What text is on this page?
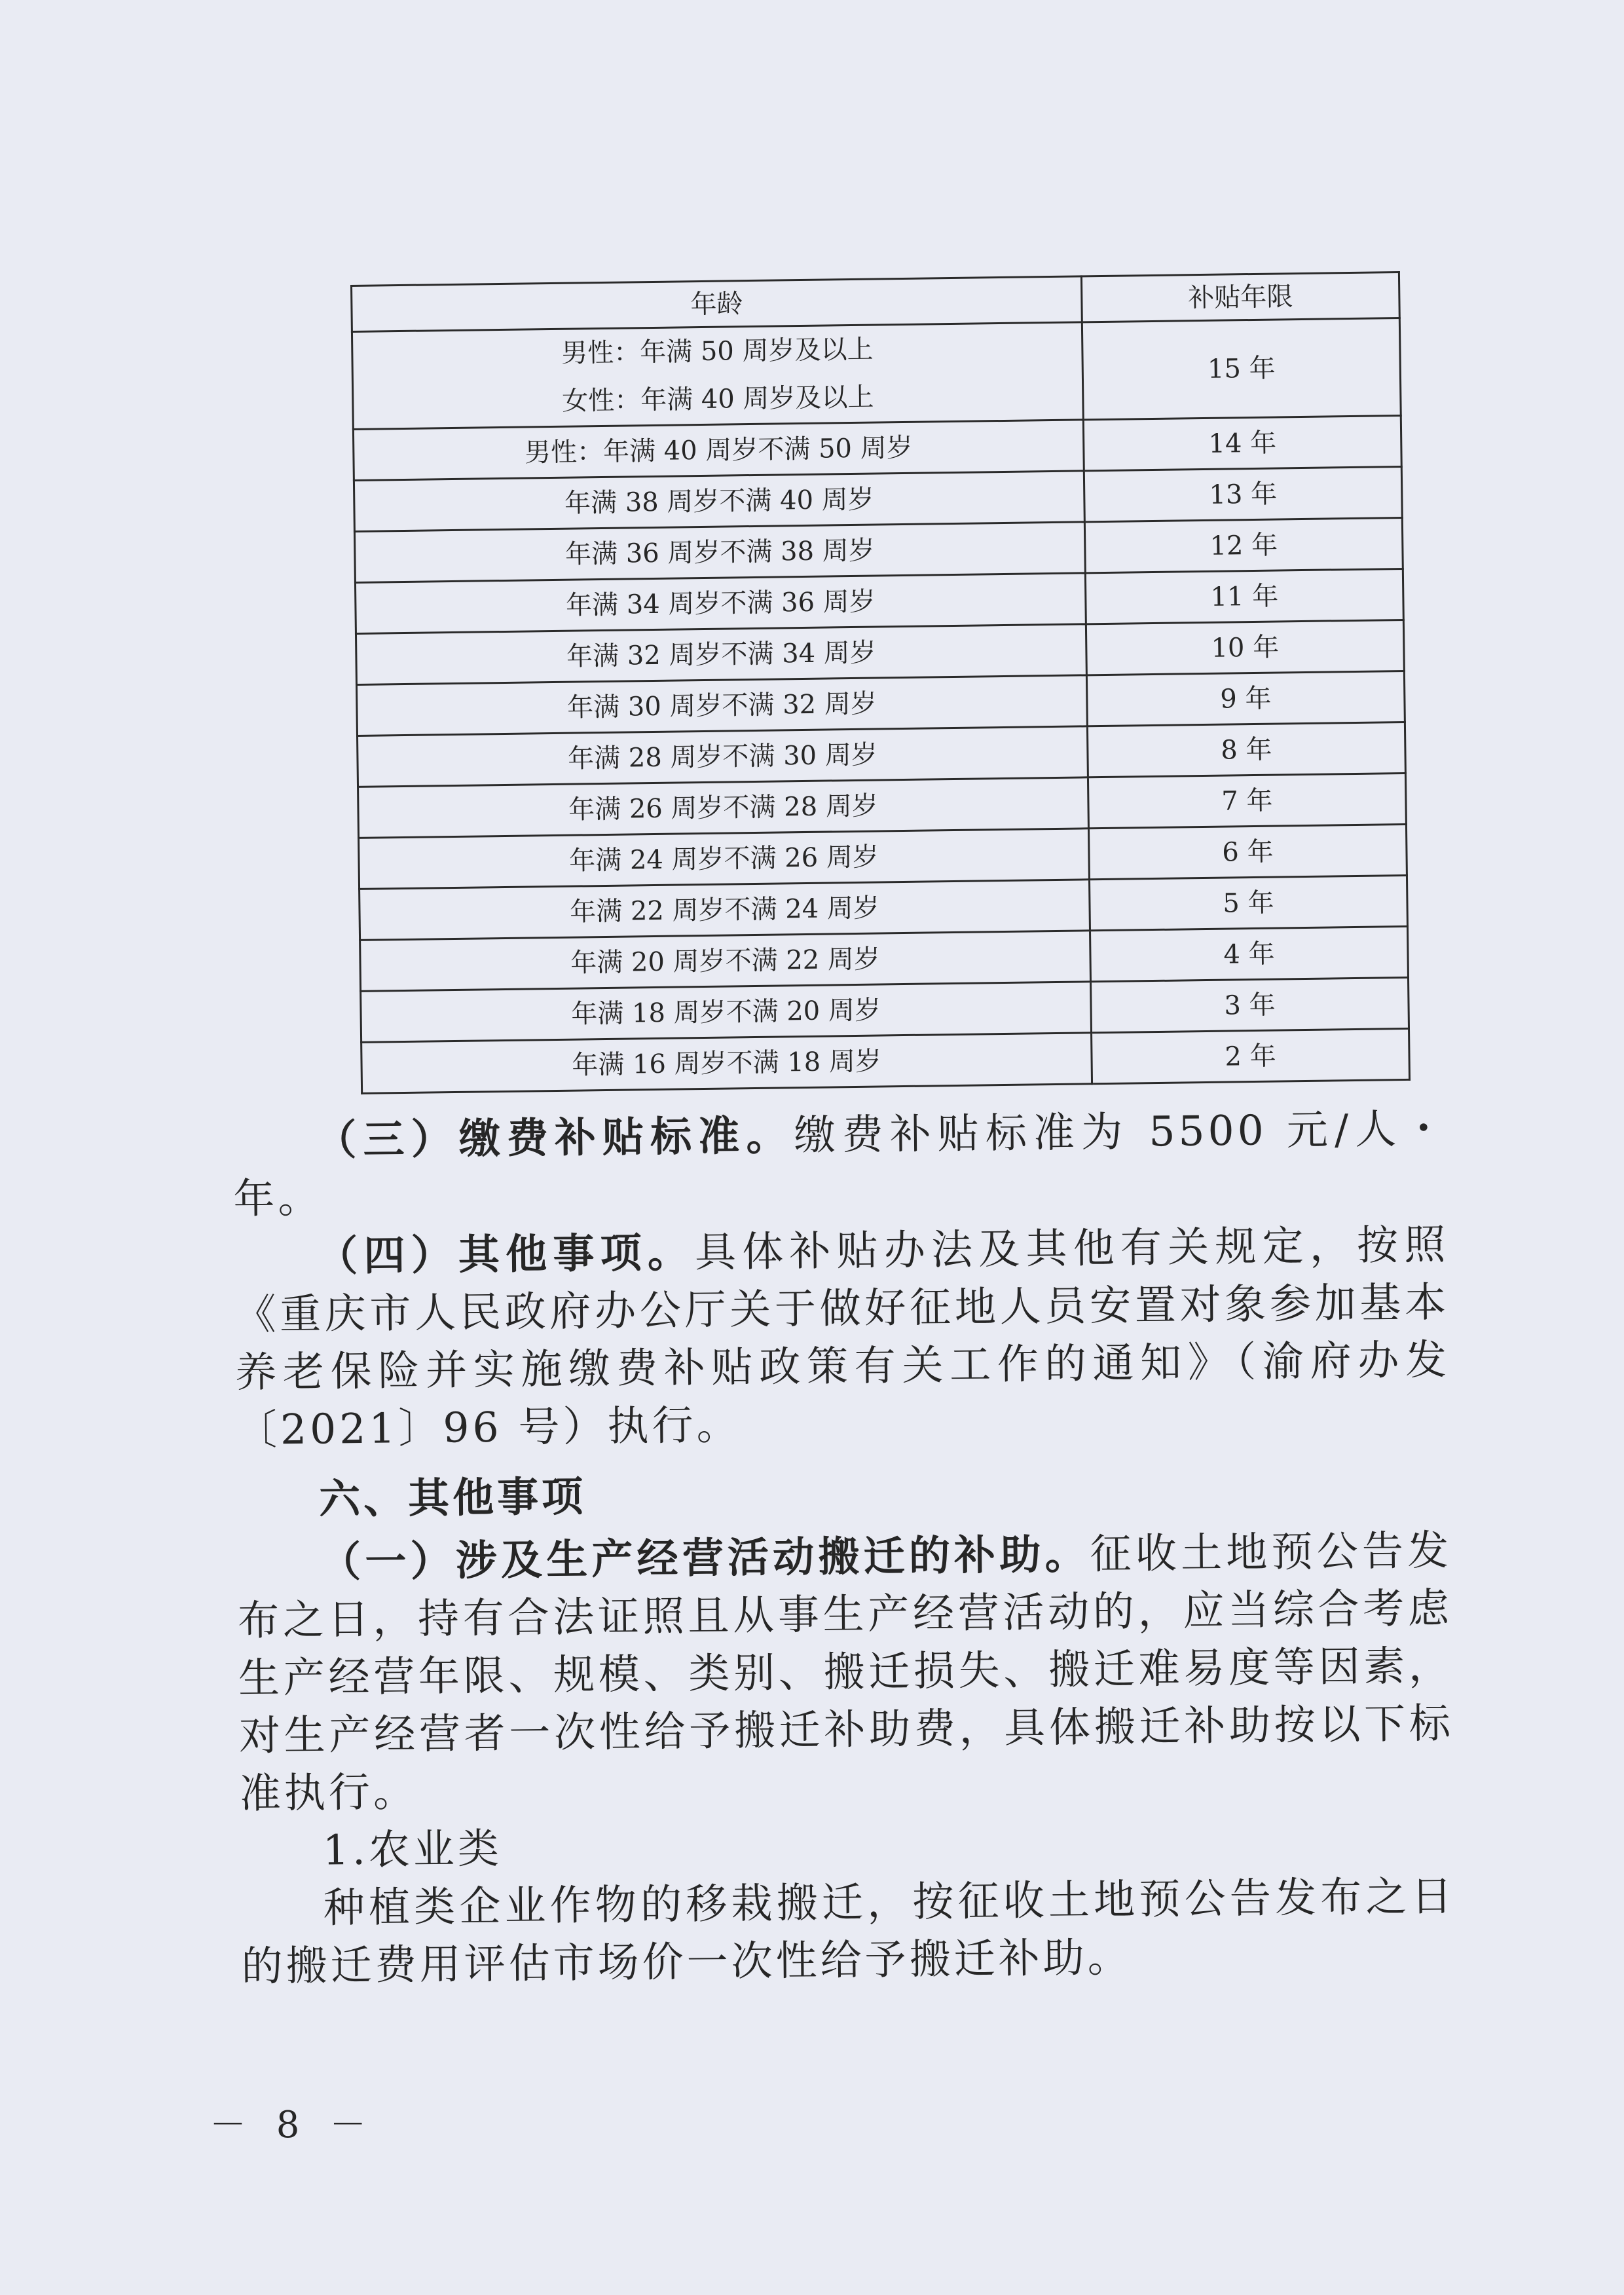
年龄	补贴年限

男性：年满 50 周岁及以上
女性：年满 40 周岁及以上	15 年
男性：年满 40 周岁不满 50 周岁	14 年
年满 38 周岁不满 40 周岁	13 年
年满 36 周岁不满 38 周岁	12 年
年满 34 周岁不满 36 周岁	11 年
年满 32 周岁不满 34 周岁	10 年
年满 30 周岁不满 32 周岁	9 年
年满 28 周岁不满 30 周岁	8 年
年满 26 周岁不满 28 周岁	7 年
年满 24 周岁不满 26 周岁	6 年
年满 22 周岁不满 24 周岁	5 年
年满 20 周岁不满 22 周岁	4 年
年满 18 周岁不满 20 周岁	3 年
年满 16 周岁不满 18 周岁	2 年

（三）缴费补贴标准。缴费补贴标准为 5500 元/人・年。

（四）其他事项。具体补贴办法及其他有关规定，按照《重庆市人民政府办公厅关于做好征地人员安置对象参加基本养老保险并实施缴费补贴政策有关工作的通知》（渝府办发〔2021〕96 号）执行。

六、其他事项

（一）涉及生产经营活动搬迁的补助。征收土地预公告发布之日，持有合法证照且从事生产经营活动的，应当综合考虑生产经营年限、规模、类别、搬迁损失、搬迁难易度等因素，对生产经营者一次性给予搬迁补助费，具体搬迁补助按以下标准执行。

1.农业类

种植类企业作物的移栽搬迁，按征收土地预公告发布之日的搬迁费用评估市场价一次性给予搬迁补助。

－ 8 －
